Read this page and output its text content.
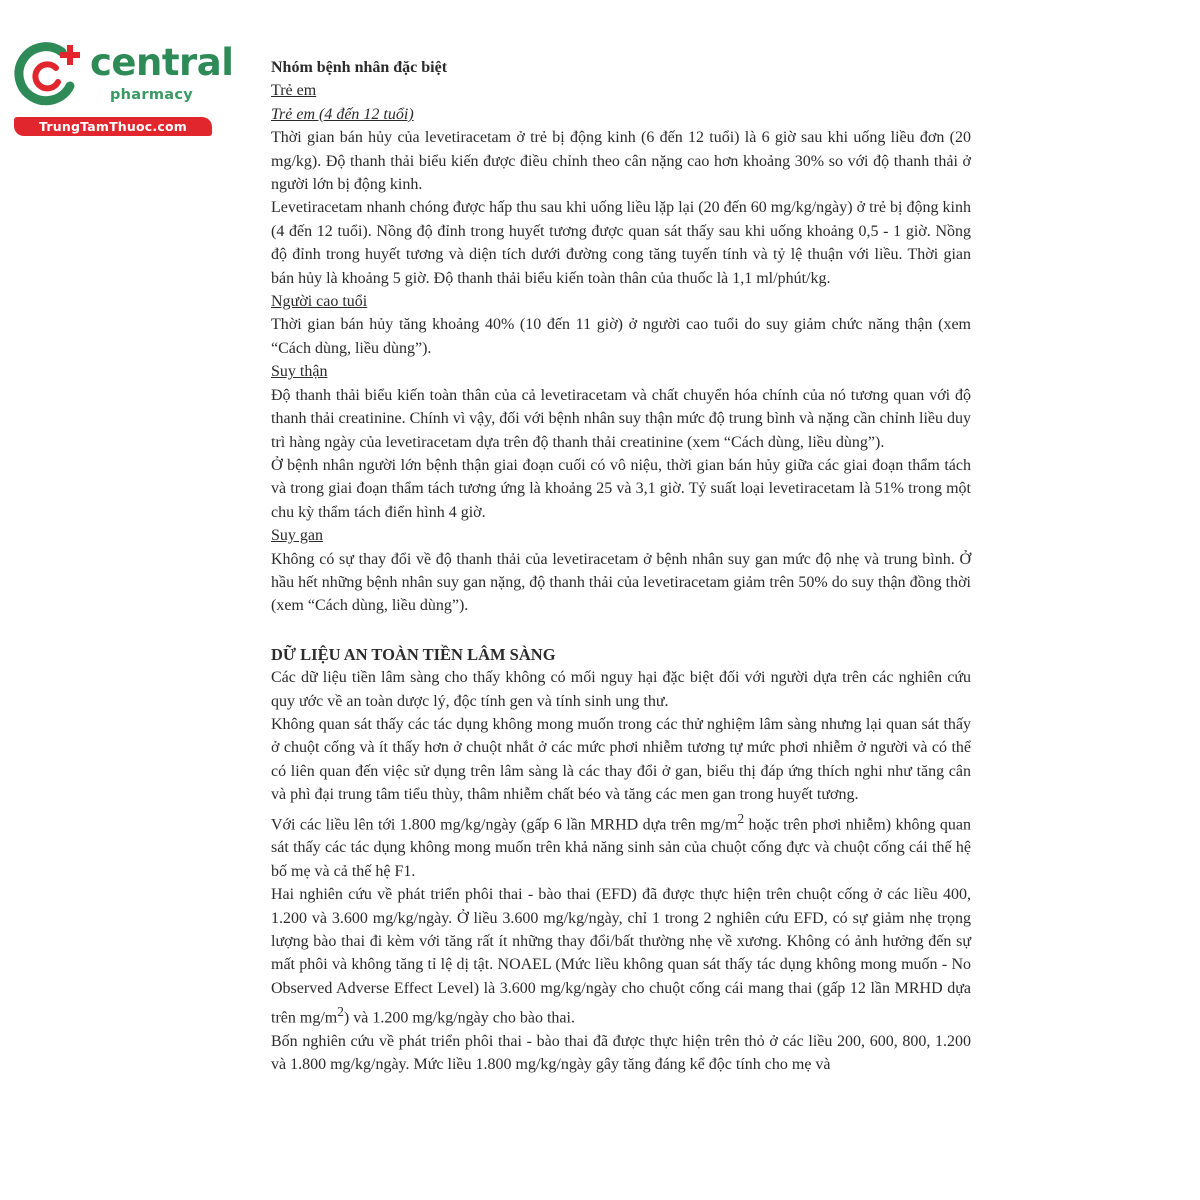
central
pharmacy
TrungTamThuoc.com

Nhóm bệnh nhân đặc biệt

Trẻ em

Trẻ em (4 đến 12 tuổi)

Thời gian bán hủy của levetiracetam ở trẻ bị động kinh (6 đến 12 tuổi) là 6 giờ sau khi uống liều đơn (20 mg/kg). Độ thanh thải biểu kiến được điều chỉnh theo cân nặng cao hơn khoảng 30% so với độ thanh thải ở người lớn bị động kinh.

Levetiracetam nhanh chóng được hấp thu sau khi uống liều lặp lại (20 đến 60 mg/kg/ngày) ở trẻ bị động kinh (4 đến 12 tuổi). Nồng độ đỉnh trong huyết tương được quan sát thấy sau khi uống khoảng 0,5 - 1 giờ. Nồng độ đỉnh trong huyết tương và diện tích dưới đường cong tăng tuyến tính và tỷ lệ thuận với liều. Thời gian bán hủy là khoảng 5 giờ. Độ thanh thải biểu kiến toàn thân của thuốc là 1,1 ml/phút/kg.

Người cao tuổi

Thời gian bán hủy tăng khoảng 40% (10 đến 11 giờ) ở người cao tuổi do suy giảm chức năng thận (xem “Cách dùng, liều dùng”).

Suy thận

Độ thanh thải biểu kiến toàn thân của cả levetiracetam và chất chuyển hóa chính của nó tương quan với độ thanh thải creatinine. Chính vì vậy, đối với bệnh nhân suy thận mức độ trung bình và nặng cần chỉnh liều duy trì hàng ngày của levetiracetam dựa trên độ thanh thải creatinine (xem “Cách dùng, liều dùng”).

Ở bệnh nhân người lớn bệnh thận giai đoạn cuối có vô niệu, thời gian bán hủy giữa các giai đoạn thẩm tách và trong giai đoạn thẩm tách tương ứng là khoảng 25 và 3,1 giờ. Tỷ suất loại levetiracetam là 51% trong một chu kỳ thẩm tách điển hình 4 giờ.

Suy gan

Không có sự thay đổi về độ thanh thải của levetiracetam ở bệnh nhân suy gan mức độ nhẹ và trung bình. Ở hầu hết những bệnh nhân suy gan nặng, độ thanh thải của levetiracetam giảm trên 50% do suy thận đồng thời (xem “Cách dùng, liều dùng”).

DỮ LIỆU AN TOÀN TIỀN LÂM SÀNG

Các dữ liệu tiền lâm sàng cho thấy không có mối nguy hại đặc biệt đối với người dựa trên các nghiên cứu quy ước về an toàn dược lý, độc tính gen và tính sinh ung thư.

Không quan sát thấy các tác dụng không mong muốn trong các thử nghiệm lâm sàng nhưng lại quan sát thấy ở chuột cống và ít thấy hơn ở chuột nhắt ở các mức phơi nhiễm tương tự mức phơi nhiễm ở người và có thể có liên quan đến việc sử dụng trên lâm sàng là các thay đổi ở gan, biểu thị đáp ứng thích nghi như tăng cân và phì đại trung tâm tiểu thùy, thâm nhiễm chất béo và tăng các men gan trong huyết tương.

Với các liều lên tới 1.800 mg/kg/ngày (gấp 6 lần MRHD dựa trên $mg/m^2$ hoặc trên phơi nhiễm) không quan sát thấy các tác dụng không mong muốn trên khả năng sinh sản của chuột cống đực và chuột cống cái thế hệ bố mẹ và cả thế hệ F1.

Hai nghiên cứu về phát triển phôi thai - bào thai (EFD) đã được thực hiện trên chuột cống ở các liều 400, 1.200 và 3.600 mg/kg/ngày. Ở liều 3.600 mg/kg/ngày, chỉ 1 trong 2 nghiên cứu EFD, có sự giảm nhẹ trọng lượng bào thai đi kèm với tăng rất ít những thay đổi/bất thường nhẹ về xương. Không có ảnh hưởng đến sự mất phôi và không tăng tỉ lệ dị tật. NOAEL (Mức liều không quan sát thấy tác dụng không mong muốn - No Observed Adverse Effect Level) là 3.600 mg/kg/ngày cho chuột cống cái mang thai (gấp 12 lần MRHD dựa trên $mg/m^2$) và 1.200 mg/kg/ngày cho bào thai.

Bốn nghiên cứu về phát triển phôi thai - bào thai đã được thực hiện trên thỏ ở các liều 200, 600, 800, 1.200 và 1.800 mg/kg/ngày. Mức liều 1.800 mg/kg/ngày gây tăng đáng kể độc tính cho mẹ và
